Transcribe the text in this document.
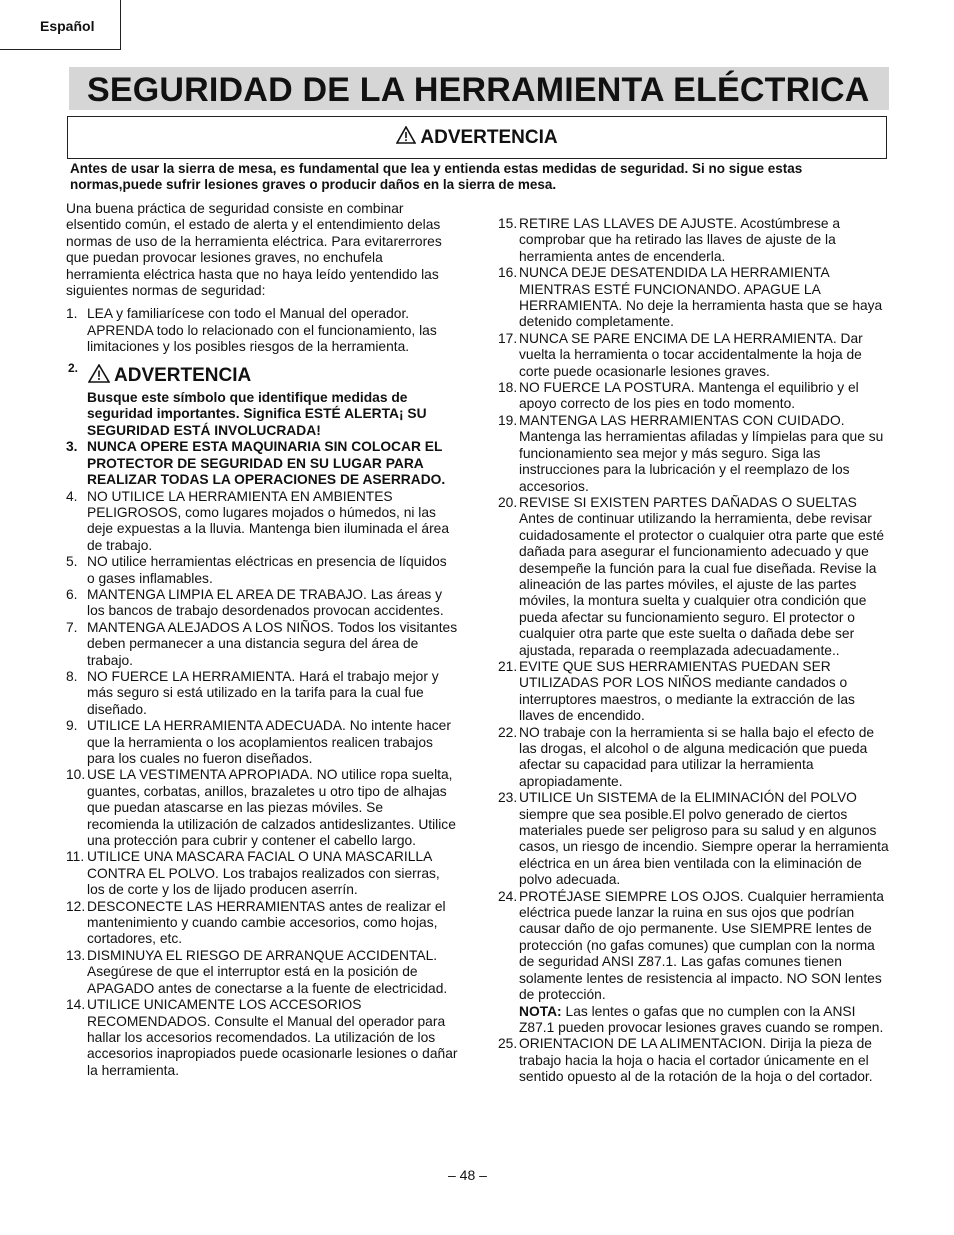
Español
SEGURIDAD DE LA HERRAMIENTA ELÉCTRICA
ADVERTENCIA
Antes de usar la sierra de mesa, es fundamental que lea y entienda estas medidas de seguridad. Si no sigue estas normas,puede sufrir lesiones graves o producir daños en la sierra de mesa.

Una buena práctica de seguridad consiste en combinar elsentido común, el estado de alerta y el entendimiento delas normas de uso de la herramienta eléctrica. Para evitarerrores que puedan provocar lesiones graves, no enchufela herramienta eléctrica hasta que no haya leído yentendido las siguientes normas de seguridad:

1. LEA y familiarícese con todo el Manual del operador. APRENDA todo lo relacionado con el funcionamiento, las limitaciones y los posibles riesgos de la herramienta.
2.	ADVERTENCIA
Busque este símbolo que identifique medidas de seguridad importantes. Significa ESTÉ ALERTA¡ SU SEGURIDAD ESTÁ INVOLUCRADA!
3. NUNCA OPERE ESTA MAQUINARIA SIN COLOCAR EL PROTECTOR DE SEGURIDAD EN SU LUGAR PARA REALIZAR TODAS LA OPERACIONES DE ASERRADO.
4. NO UTILICE LA HERRAMIENTA EN AMBIENTES PELIGROSOS, como lugares mojados o húmedos, ni las deje expuestas a la lluvia. Mantenga bien iluminada el área de trabajo.
5. NO utilice herramientas eléctricas en presencia de líquidos o gases inflamables.
6. MANTENGA LIMPIA EL AREA DE TRABAJO. Las áreas y los bancos de trabajo desordenados provocan accidentes.
7. MANTENGA ALEJADOS A LOS NIÑOS. Todos los visitantes deben permanecer a una distancia segura del área de trabajo.
8. NO FUERCE LA HERRAMIENTA. Hará el trabajo mejor y más seguro si está utilizado en la tarifa para la cual fue diseñado.
9. UTILICE LA HERRAMIENTA ADECUADA. No intente hacer que la herramienta o los acoplamientos realicen trabajos para los cuales no fueron diseñados.
10. USE LA VESTIMENTA APROPIADA. NO utilice ropa suelta, guantes, corbatas, anillos, brazaletes u otro tipo de alhajas que puedan atascarse en las piezas móviles. Se recomienda la utilización de calzados antideslizantes. Utilice una protección para cubrir y contener el cabello largo.
11. UTILICE UNA MASCARA FACIAL O UNA MASCARILLA CONTRA EL POLVO. Los trabajos realizados con sierras, los de corte y los de lijado producen aserrín.
12. DESCONECTE LAS HERRAMIENTAS antes de realizar el mantenimiento y cuando cambie accesorios, como hojas, cortadores, etc.
13. DISMINUYA EL RIESGO DE ARRANQUE ACCIDENTAL. Asegúrese de que el interruptor está en la posición de APAGADO antes de conectarse a la fuente de electricidad.
14. UTILICE UNICAMENTE LOS ACCESORIOS RECOMENDADOS. Consulte el Manual del operador para hallar los accesorios recomendados. La utilización de los accesorios inapropiados puede ocasionarle lesiones o dañar la herramienta.
15. RETIRE LAS LLAVES DE AJUSTE. Acostúmbrese a comprobar que ha retirado las llaves de ajuste de la herramienta antes de encenderla.
16. NUNCA DEJE DESATENDIDA LA HERRAMIENTA MIENTRAS ESTÉ FUNCIONANDO. APAGUE LA HERRAMIENTA. No deje la herramienta hasta que se haya detenido completamente.
17. NUNCA SE PARE ENCIMA DE LA HERRAMIENTA. Dar vuelta la herramienta o tocar accidentalmente la hoja de corte puede ocasionarle lesiones graves.
18. NO FUERCE LA POSTURA. Mantenga el equilibrio y el apoyo correcto de los pies en todo momento.
19. MANTENGA LAS HERRAMIENTAS CON CUIDADO. Mantenga las herramientas afiladas y límpielas para que su funcionamiento sea mejor y más seguro. Siga las instrucciones para la lubricación y el reemplazo de los accesorios.
20. REVISE SI EXISTEN PARTES DAÑADAS O SUELTAS Antes de continuar utilizando la herramienta, debe revisar cuidadosamente el protector o cualquier otra parte que esté dañada para asegurar el funcionamiento adecuado y que desempeñe la función para la cual fue diseñada. Revise la alineación de las partes móviles, el ajuste de las partes móviles, la montura suelta y cualquier otra condición que pueda afectar su funcionamiento seguro. El protector o cualquier otra parte que este suelta o dañada debe ser ajustada, reparada o reemplazada adecuadamente..
21. EVITE QUE SUS HERRAMIENTAS PUEDAN SER UTILIZADAS POR LOS NIÑOS mediante candados o interruptores maestros, o mediante la extracción de las llaves de encendido.
22. NO trabaje con la herramienta si se halla bajo el efecto de las drogas, el alcohol o de alguna medicación que pueda afectar su capacidad para utilizar la herramienta apropiadamente.
23. UTILICE Un SISTEMA de la ELIMINACIÓN del POLVO siempre que sea posible.El polvo generado de ciertos materiales puede ser peligroso para su salud y en algunos casos, un riesgo de incendio. Siempre operar la herramienta eléctrica en un área bien ventilada con la eliminación de polvo adecuada.
24. PROTÉJASE SIEMPRE LOS OJOS. Cualquier herramienta eléctrica puede lanzar la ruina en sus ojos que podrían causar daño de ojo permanente. Use SIEMPRE lentes de protección (no gafas comunes) que cumplan con la norma de seguridad ANSI Z87.1. Las gafas comunes tienen solamente lentes de resistencia al impacto. NO SON lentes de protección.
NOTA: Las lentes o gafas que no cumplen con la ANSI Z87.1 pueden provocar lesiones graves cuando se rompen.
25. ORIENTACION DE LA ALIMENTACION. Dirija la pieza de trabajo hacia la hoja o hacia el cortador únicamente en el sentido opuesto al de la rotación de la hoja o del cortador.
– 48 –
